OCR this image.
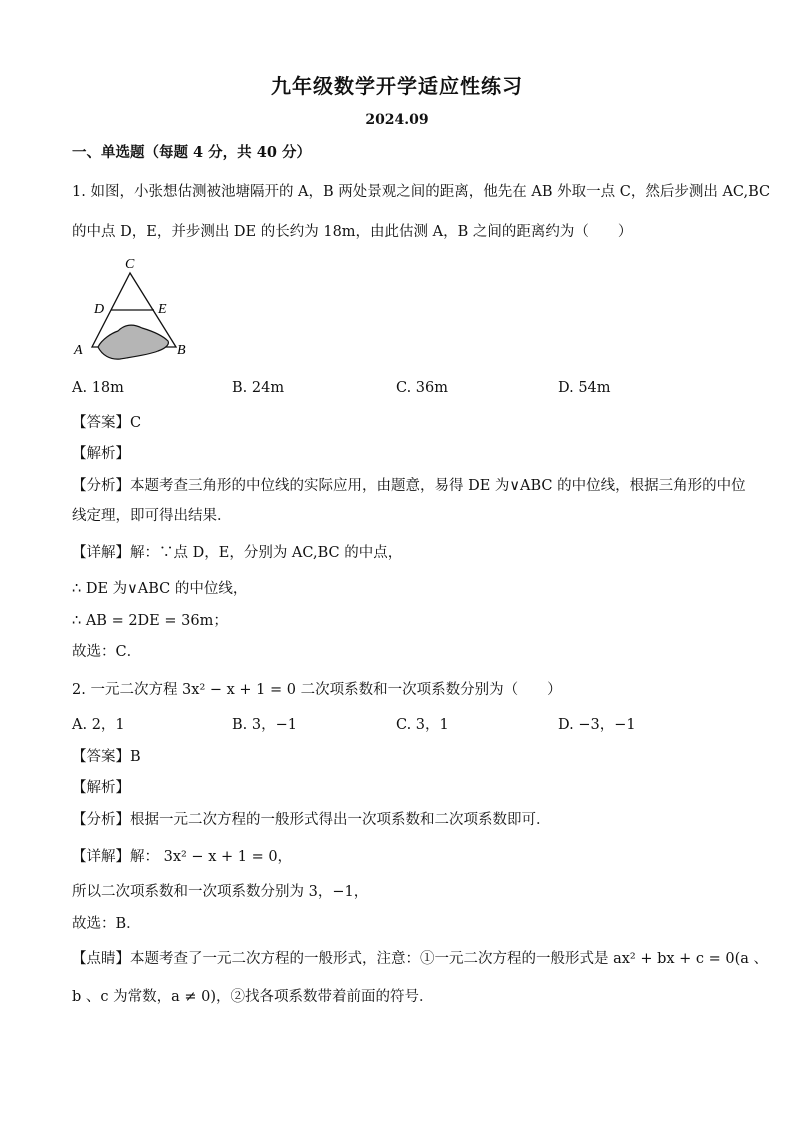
九年级数学开学适应性练习
2024.09
一、单选题（每题 4 分，共 40 分）
1. 如图，小张想估测被池塘隔开的 A，B 两处景观之间的距离，他先在 AB 外取一点 C，然后步测出 AC,BC
的中点 D，E，并步测出 DE 的长约为 18m，由此估测 A，B 之间的距离约为（　　）
C
D	E
A	B
A. 18m	B. 24m	C. 36m	D. 54m
【答案】C
【解析】
【分析】本题考查三角形的中位线的实际应用，由题意，易得 DE 为∨ABC 的中位线，根据三角形的中位
线定理，即可得出结果．
【详解】解：∵点 D，E，分别为 AC,BC 的中点，
∴ DE 为∨ABC 的中位线，
∴ AB = 2DE = 36m；
故选：C．
2. 一元二次方程 3x² − x + 1 = 0 二次项系数和一次项系数分别为（　　）
A. 2，1	B. 3，−1	C. 3，1	D. −3，−1
【答案】B
【解析】
【分析】根据一元二次方程的一般形式得出一次项系数和二次项系数即可．
【详解】解： 3x² − x + 1 = 0，
所以二次项系数和一次项系数分别为 3，−1，
故选：B．
【点睛】本题考查了一元二次方程的一般形式，注意：①一元二次方程的一般形式是 ax² + bx + c = 0(a 、
b 、c 为常数，a ≠ 0)，②找各项系数带着前面的符号．
